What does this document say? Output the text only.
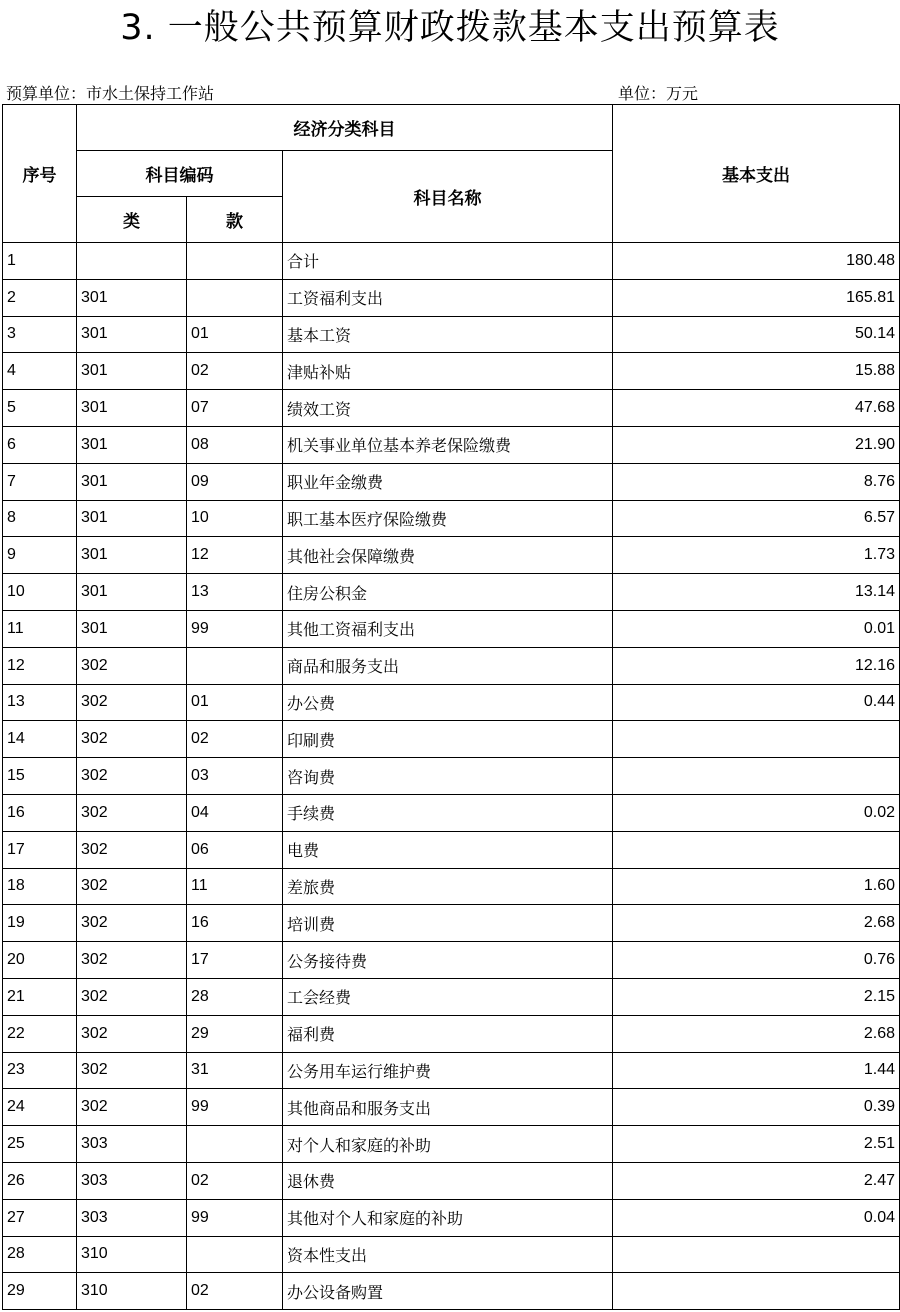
3. 一般公共预算财政拨款基本支出预算表
预算单位：市水土保持工作站	单位：万元
序号	经济分类科目			基本支出
	科目编码		科目名称	
	类	款		
1			合计	180.48
2	301		工资福利支出	165.81
3	301	01	基本工资	50.14
4	301	02	津贴补贴	15.88
5	301	07	绩效工资	47.68
6	301	08	机关事业单位基本养老保险缴费	21.90
7	301	09	职业年金缴费	8.76
8	301	10	职工基本医疗保险缴费	6.57
9	301	12	其他社会保障缴费	1.73
10	301	13	住房公积金	13.14
11	301	99	其他工资福利支出	0.01
12	302		商品和服务支出	12.16
13	302	01	办公费	0.44
14	302	02	印刷费	
15	302	03	咨询费	
16	302	04	手续费	0.02
17	302	06	电费	
18	302	11	差旅费	1.60
19	302	16	培训费	2.68
20	302	17	公务接待费	0.76
21	302	28	工会经费	2.15
22	302	29	福利费	2.68
23	302	31	公务用车运行维护费	1.44
24	302	99	其他商品和服务支出	0.39
25	303		对个人和家庭的补助	2.51
26	303	02	退休费	2.47
27	303	99	其他对个人和家庭的补助	0.04
28	310		资本性支出	
29	310	02	办公设备购置	
